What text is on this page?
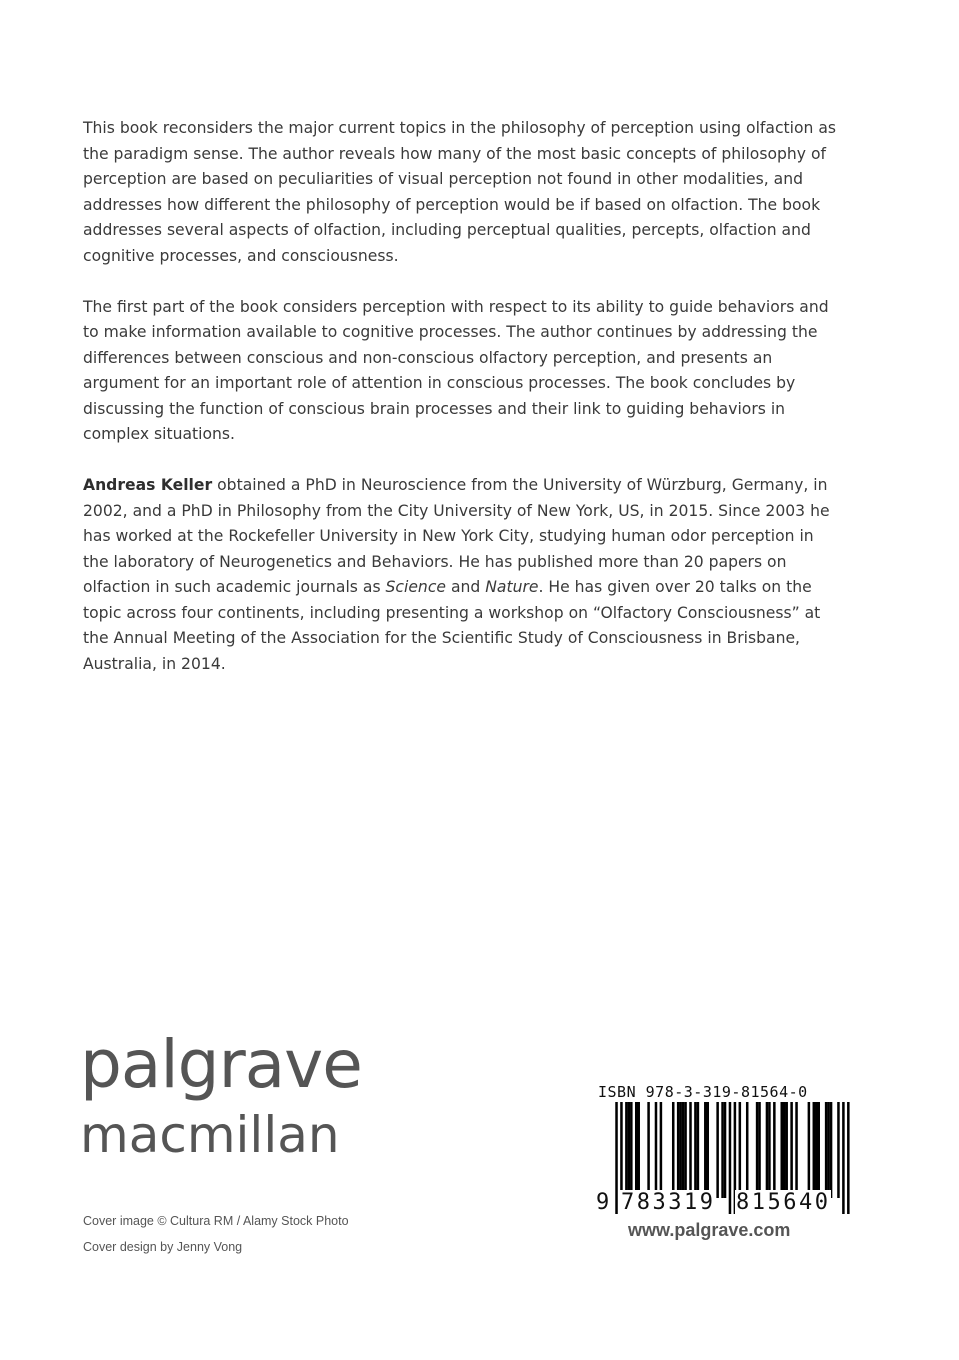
This book reconsiders the major current topics in the philosophy of perception using olfaction as the paradigm sense. The author reveals how many of the most basic concepts of philosophy of perception are based on peculiarities of visual perception not found in other modalities, and addresses how different the philosophy of perception would be if based on olfaction. The book addresses several aspects of olfaction, including perceptual qualities, percepts, olfaction and cognitive processes, and consciousness.

The first part of the book considers perception with respect to its ability to guide behaviors and to make information available to cognitive processes. The author continues by addressing the differences between conscious and non-conscious olfactory perception, and presents an argument for an important role of attention in conscious processes. The book concludes by discussing the function of conscious brain processes and their link to guiding behaviors in complex situations.

Andreas Keller obtained a PhD in Neuroscience from the University of Würzburg, Germany, in 2002, and a PhD in Philosophy from the City University of New York, US, in 2015. Since 2003 he has worked at the Rockefeller University in New York City, studying human odor perception in the laboratory of Neurogenetics and Behaviors. He has published more than 20 papers on olfaction in such academic journals as Science and Nature. He has given over 20 talks on the topic across four continents, including presenting a workshop on “Olfactory Consciousness” at the Annual Meeting of the Association for the Scientific Study of Consciousness in Brisbane, Australia, in 2014.

palgrave
macmillan
Cover image © Cultura RM / Alamy Stock Photo
Cover design by Jenny Vong
ISBN 978-3-319-81564-0
9 783319 815640
www.palgrave.com
